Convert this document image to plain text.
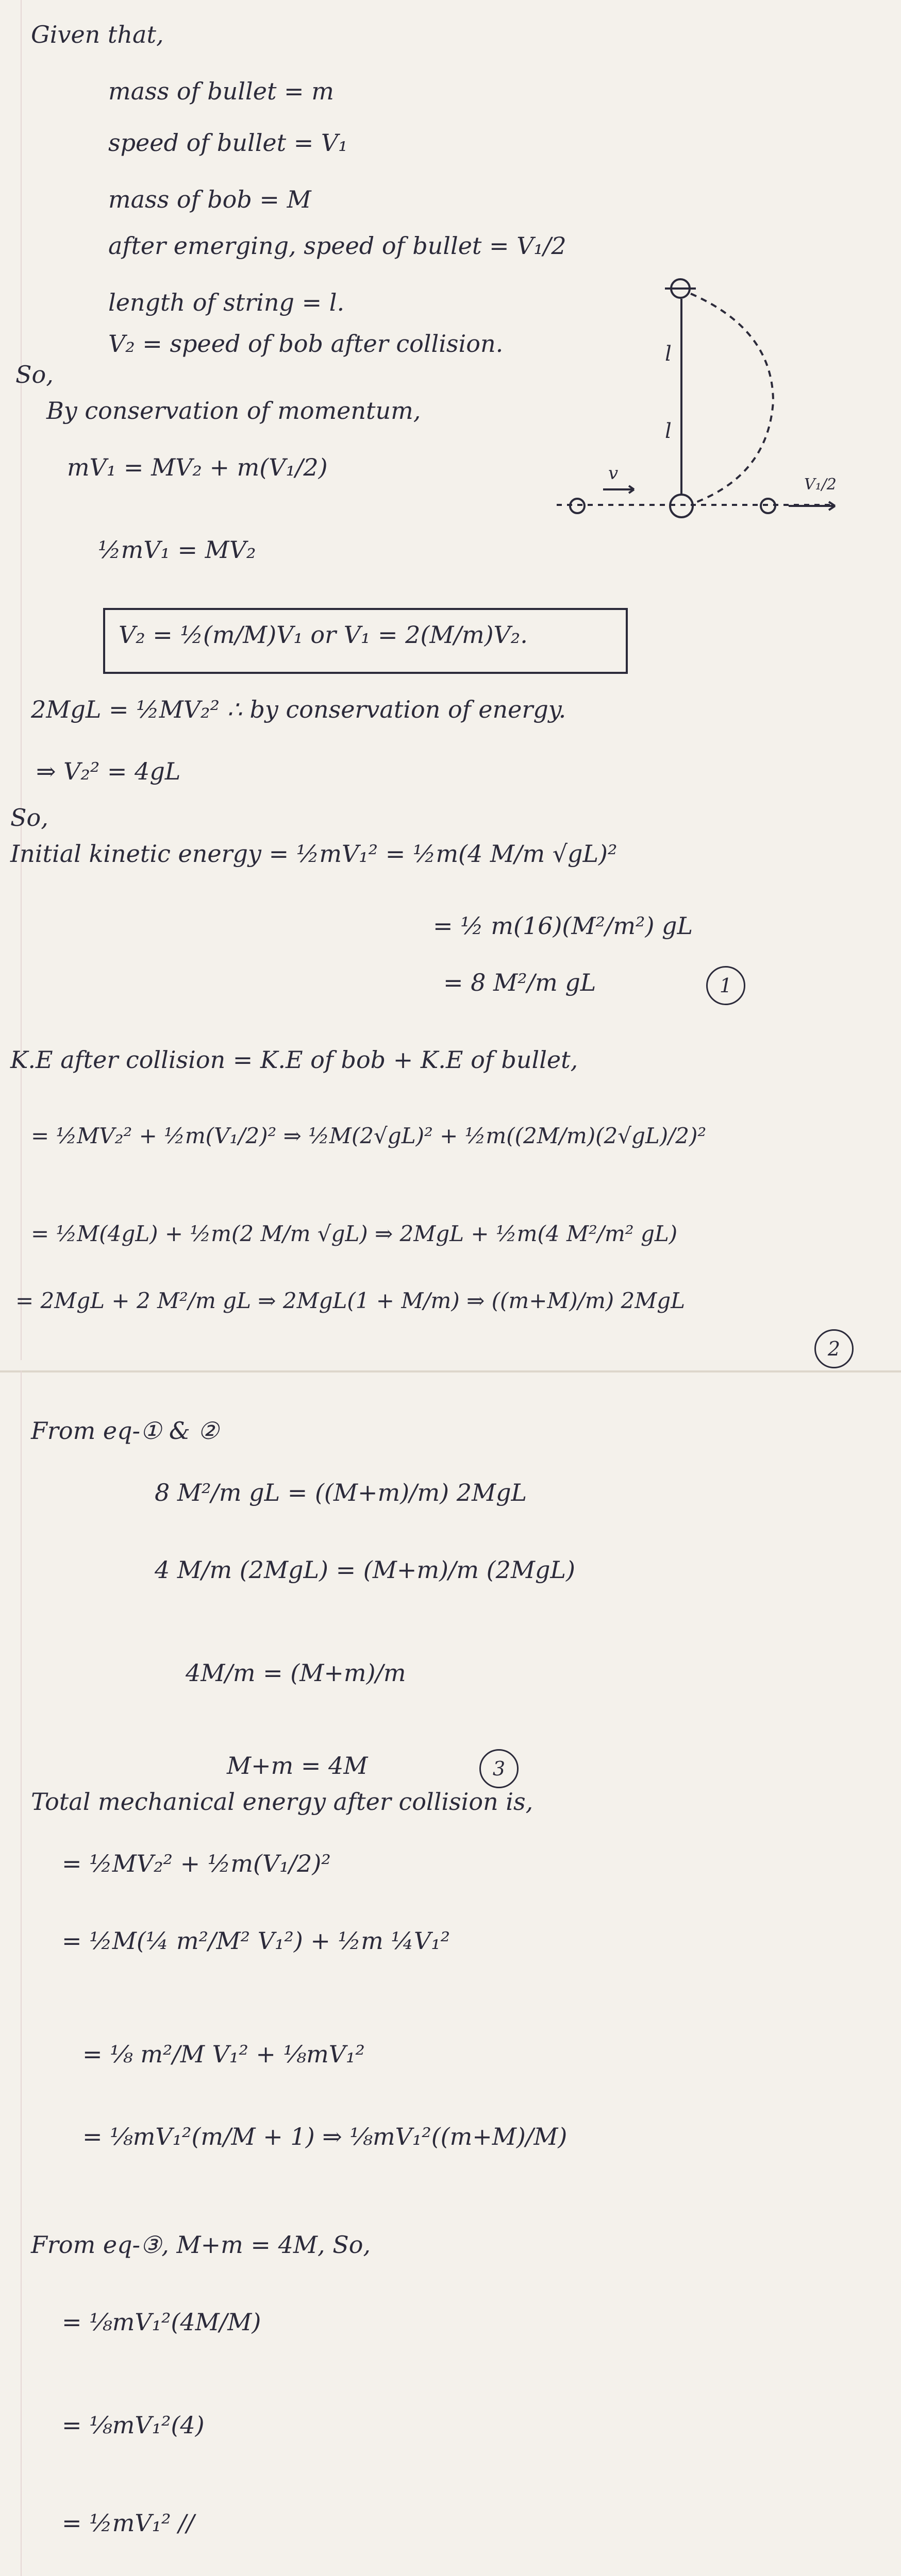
Given that,
mass of bullet = m
speed of bullet = V₁
mass of bob = M
after emerging, speed of bullet = V₁/2
length of string = l.
V₂ = speed of bob after collision.
So,
l
l
v
V₁/2
By conservation of momentum,
mV₁ = MV₂ + m(V₁/2)
½mV₁ = MV₂
V₂ = ½(m/M)V₁ or V₁ = 2(M/m)V₂.
2MgL = ½MV₂² ∴ by conservation of energy.
⇒ V₂² = 4gL
So,
Initial kinetic energy = ½mV₁² = ½m(4 M/m √gL)²
= ½ m(16)(M²/m²) gL
= 8 M²/m gL	1
K.E after collision = K.E of bob + K.E of bullet,
= ½MV₂² + ½m(V₁/2)² ⇒ ½M(2√gL)² + ½m((2M/m)(2√gL)/2)²
= ½M(4gL) + ½m(2 M/m √gL) ⇒ 2MgL + ½m(4 M²/m² gL)
= 2MgL + 2 M²/m gL ⇒ 2MgL(1 + M/m) ⇒ ((m+M)/m) 2MgL
2
From eq-① & ②
8 M²/m gL = ((M+m)/m) 2MgL
4 M/m (2MgL) = (M+m)/m (2MgL)
4M/m = (M+m)/m
M+m = 4M	3
Total mechanical energy after collision is,
= ½MV₂² + ½m(V₁/2)²
= ½M(¼ m²/M² V₁²) + ½m ¼V₁²
= ⅛ m²/M V₁² + ⅛mV₁²
= ⅛mV₁²(m/M + 1) ⇒ ⅛mV₁²((m+M)/M)
From eq-③, M+m = 4M, So,
= ⅛mV₁²(4M/M)
= ⅛mV₁²(4)
= ½mV₁² //
